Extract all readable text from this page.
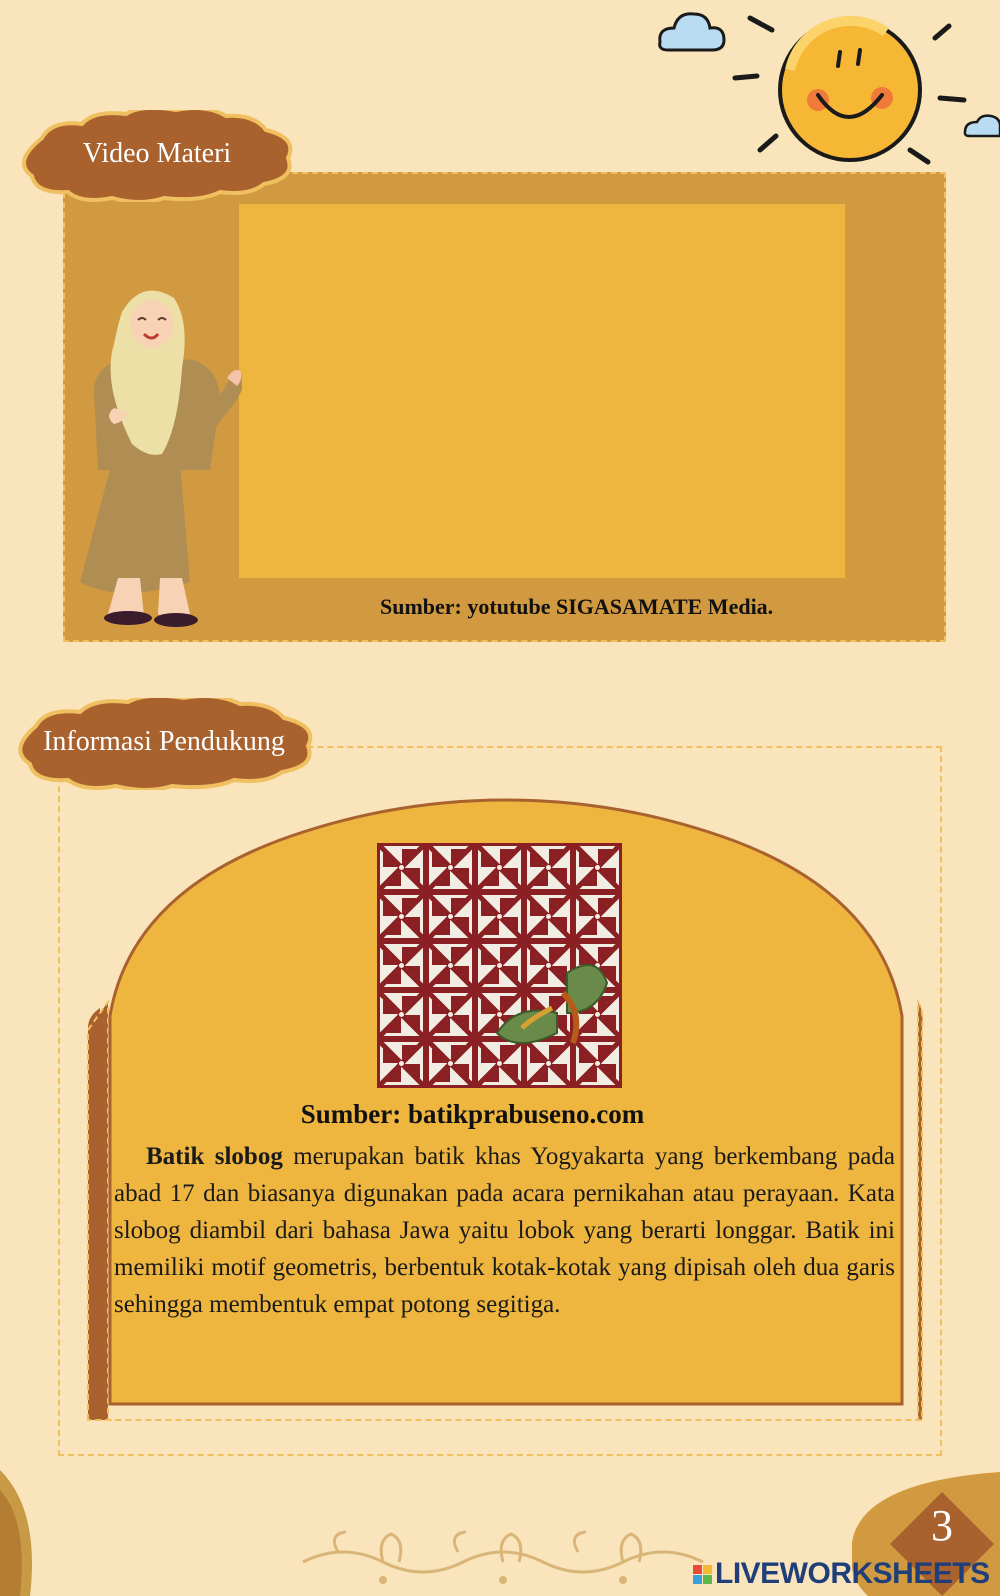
Sumber: yotutube SIGASAMATE Media.
Video Materi
Sumber: batikprabuseno.com
Batik slobog merupakan batik khas Yogyakarta yang berkembang pada abad 17 dan biasanya digunakan pada acara pernikahan atau perayaan. Kata slobog diambil dari bahasa Jawa yaitu lobok yang berarti longgar. Batik ini memiliki motif geometris, berbentuk kotak-kotak yang dipisah oleh dua garis sehingga membentuk empat potong segitiga.
Informasi Pendukung
3
LIVEWORKSHEETS
